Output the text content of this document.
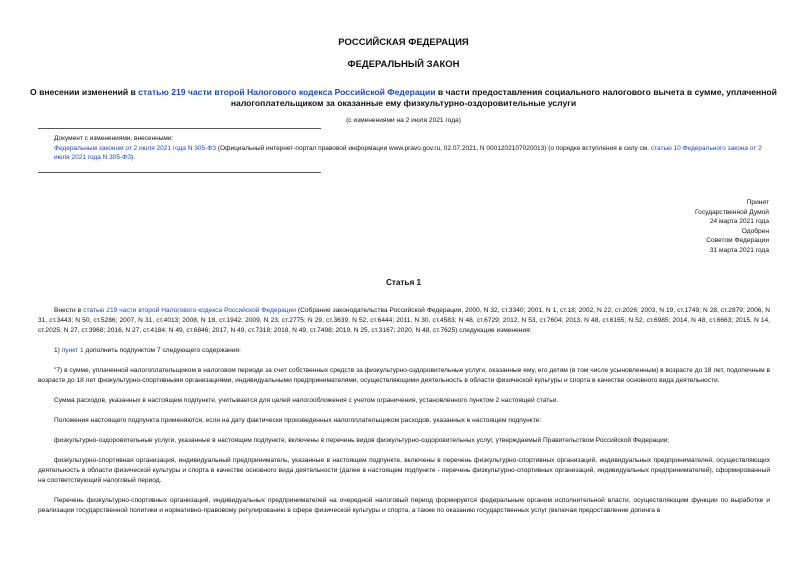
РОССИЙСКАЯ ФЕДЕРАЦИЯ
ФЕДЕРАЛЬНЫЙ ЗАКОН
О внесении изменений в статью 219 части второй Налогового кодекса Российской Федерации в части предоставления социального налогового вычета в сумме, уплаченной налогоплательщиком за оказанные ему физкультурно-оздоровительные услуги
(с изменениями на 2 июля 2021 года)
Документ с изменениями, внесенными:
Федеральным законом от 2 июля 2021 года N 305-ФЗ (Официальный интернет-портал правовой информации www.pravo.gov.ru, 02.07.2021, N 0001202107020013) (о порядке вступления в силу см. статью 10 Федерального закона от 2 июля 2021 года N 305-ФЗ).

Принят

Государственной Думой

24 марта 2021 года

Одобрен

Советом Федерации

31 марта 2021 года

Статья 1

Внести в статью 219 части второй Налогового кодекса Российской Федерации (Собрание законодательства Российской Федерации, 2000, N 32, ст.3340; 2001, N 1, ст.18; 2002, N 22, ст.2026; 2003, N 19, ст.1749; N 28, ст.2879; 2006, N 31, ст.3443; N 50, ст.5286; 2007, N 31, ст.4013; 2008, N 18, ст.1942; 2009, N 23, ст.2775; N 29, ст.3639; N 52, ст.6444; 2011, N 30, ст.4583; N 48, ст.6729; 2012, N 53, ст.7604; 2013, N 48, ст.6165; N 52, ст.6985; 2014, N 48, ст.6663; 2015, N 14, ст.2025; N 27, ст.3968; 2016, N 27, ст.4184; N 49, ст.6846; 2017, N 49, ст.7318; 2018, N 49, ст.7498; 2019, N 25, ст.3167; 2020, N 48, ст.7625) следующие изменения:

1) пункт 1 дополнить подпунктом 7 следующего содержания:

"7) в сумме, уплаченной налогоплательщиком в налоговом периоде за счет собственных средств за физкультурно-оздоровительные услуги, оказанные ему, его детям (в том числе усыновленным) в возрасте до 18 лет, подопечным в возрасте до 18 лет физкультурно-спортивными организациями, индивидуальными предпринимателями, осуществляющими деятельность в области физической культуры и спорта в качестве основного вида деятельности.

Сумма расходов, указанных в настоящем подпункте, учитывается для целей налогообложения с учетом ограничения, установленного пунктом 2 настоящей статьи.

Положения настоящего подпункта применяются, если на дату фактически произведенных налогоплательщиком расходов, указанных в настоящем подпункте:

физкультурно-оздоровительные услуги, указанные в настоящем подпункте, включены в перечень видов физкультурно-оздоровительных услуг, утверждаемый Правительством Российской Федерации;

физкультурно-спортивная организация, индивидуальный предприниматель, указанные в настоящем подпункте, включены в перечень физкультурно-спортивных организаций, индивидуальных предпринимателей, осуществляющих деятельность в области физической культуры и спорта в качестве основного вида деятельности (далее в настоящем подпункте - перечень физкультурно-спортивных организаций, индивидуальных предпринимателей), сформированный на соответствующий налоговый период.

Перечень физкультурно-спортивных организаций, индивидуальных предпринимателей на очередной налоговый период формируется федеральным органом исполнительной власти, осуществляющим функции по выработке и реализации государственной политики и нормативно-правовому регулированию в сфере физической культуры и спорта, а также по оказанию государственных услуг (включая предоставление допинга в
